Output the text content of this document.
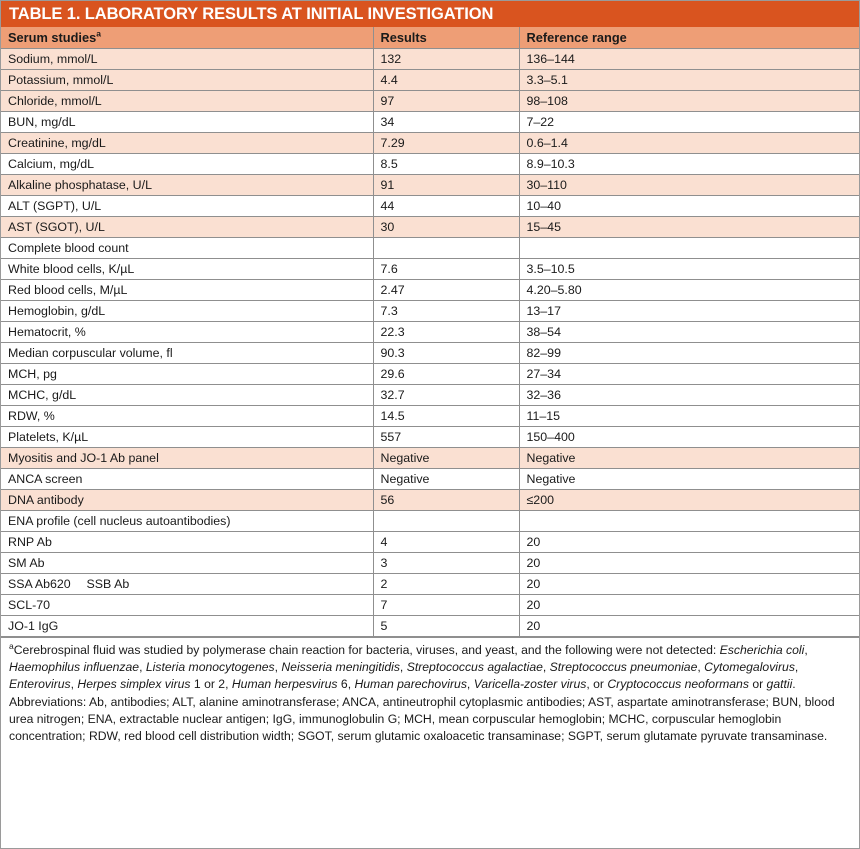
TABLE 1. LABORATORY RESULTS AT INITIAL INVESTIGATION
Serum studies$^a$	Results	Reference range
Sodium, mmol/L	132	136–144
Potassium, mmol/L	4.4	3.3–5.1
Chloride, mmol/L	97	98–108
BUN, mg/dL	34	7–22
Creatinine, mg/dL	7.29	0.6–1.4
Calcium, mg/dL	8.5	8.9–10.3
Alkaline phosphatase, U/L	91	30–110
ALT (SGPT), U/L	44	10–40
AST (SGOT), U/L	30	15–45
Complete blood count		
White blood cells, K/µL	7.6	3.5–10.5
Red blood cells, M/µL	2.47	4.20–5.80
Hemoglobin, g/dL	7.3	13–17
Hematocrit, %	22.3	38–54
Median corpuscular volume, fl	90.3	82–99
MCH, pg	29.6	27–34
MCHC, g/dL	32.7	32–36
RDW, %	14.5	11–15
Platelets, K/µL	557	150–400
Myositis and JO-1 Ab panel	Negative	Negative
ANCA screen	Negative	Negative
DNA antibody	56	≤200
ENA profile (cell nucleus autoantibodies)		
RNP Ab	4	20
SM Ab	3	20
SSA Ab620  SSB Ab	2	20
SCL-70	7	20
JO-1 IgG	5	20

$^a$Cerebrospinal fluid was studied by polymerase chain reaction for bacteria, viruses, and yeast, and the following were not detected: Escherichia coli, Haemophilus influenzae, Listeria monocytogenes, Neisseria meningitidis, Streptococcus agalactiae, Streptococcus pneumoniae, Cytomegalovirus, Enterovirus, Herpes simplex virus 1 or 2, Human herpesvirus 6, Human parechovirus, Varicella-zoster virus, or Cryptococcus neoformans or gattii.

Abbreviations: Ab, antibodies; ALT, alanine aminotransferase; ANCA, antineutrophil cytoplasmic antibodies; AST, aspartate aminotransferase; BUN, blood urea nitrogen; ENA, extractable nuclear antigen; IgG, immunoglobulin G; MCH, mean corpuscular hemoglobin; MCHC, corpuscular hemoglobin concentration; RDW, red blood cell distribution width; SGOT, serum glutamic oxaloacetic transaminase; SGPT, serum glutamate pyruvate transaminase.
